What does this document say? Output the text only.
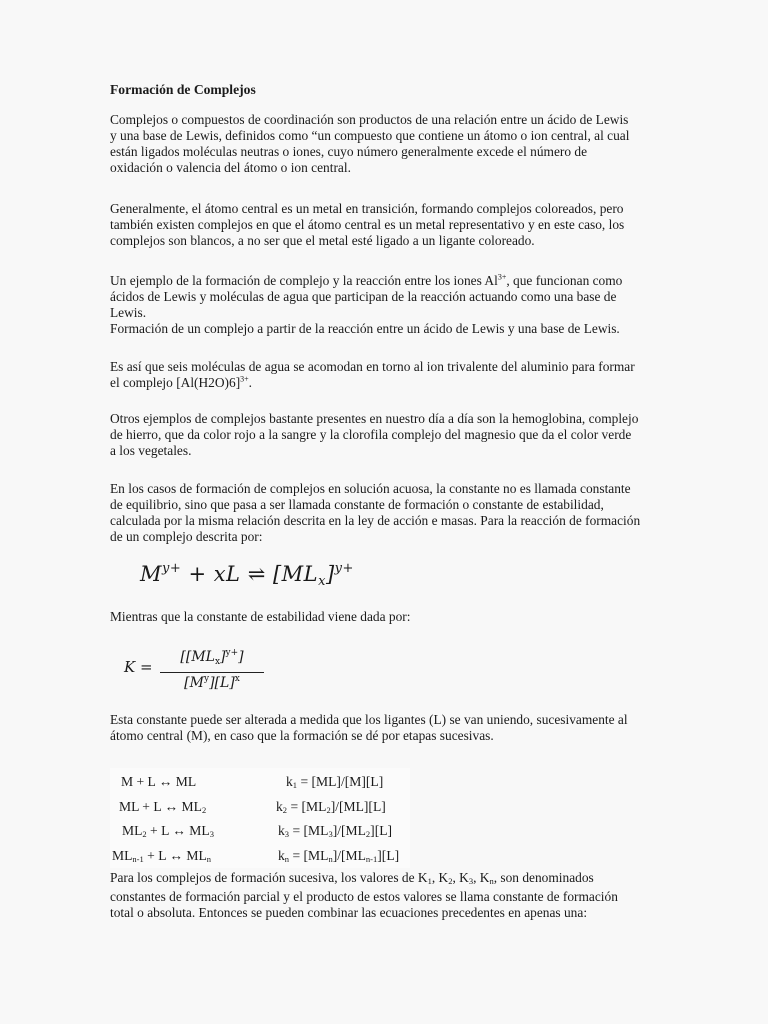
Formación de Complejos

Complejos o compuestos de coordinación son productos de una relación entre un ácido de Lewis
y una base de Lewis, definidos como “un compuesto que contiene un átomo o ion central, al cual
están ligados moléculas neutras o iones, cuyo número generalmente excede el número de
oxidación o valencia del átomo o ion central.

Generalmente, el átomo central es un metal en transición, formando complejos coloreados, pero
también existen complejos en que el átomo central es un metal representativo y en este caso, los
complejos son blancos, a no ser que el metal esté ligado a un ligante coloreado.

Un ejemplo de la formación de complejo y la reacción entre los iones $Al^{3+}$, que funcionan como
ácidos de Lewis y moléculas de agua que participan de la reacción actuando como una base de
Lewis.
Formación de un complejo a partir de la reacción entre un ácido de Lewis y una base de Lewis.

Es así que seis moléculas de agua se acomodan en torno al ion trivalente del aluminio para formar
el complejo $[Al(H2O)6]^{3+}$.

Otros ejemplos de complejos bastante presentes en nuestro día a día son la hemoglobina, complejo
de hierro, que da color rojo a la sangre y la clorofila complejo del magnesio que da el color verde
a los vegetales.

En los casos de formación de complejos en solución acuosa, la constante no es llamada constante
de equilibrio, sino que pasa a ser llamada constante de formación o constante de estabilidad,
calculada por la misma relación descrita en la ley de acción e masas. Para la reacción de formación
de un complejo descrita por:

$M^{y+}$ + xL ⇌ $[ML_x]^{y+}$
Mientras que la constante de estabilidad viene dada por:
K =
$[[ML_x]^{y+}]$
$[M^y][L]^x$
Esta constante puede ser alterada a medida que los ligantes (L) se van uniendo, sucesivamente al
átomo central (M), en caso que la formación se dé por etapas sucesivas.
M + L ↔ ML	$k_1 = [ML]/[M][L]$
ML + L ↔ $ML_2$	$k_2 = [ML_2]/[ML][L]$
$ML_2 + L$ ↔ $ML_3$	$k_3 = [ML_3]/[ML_2][L]$
$ML_{n-1} + L$ ↔ $ML_n$	$k_n = [ML_n]/[ML_{n-1}][L]$
Para los complejos de formación sucesiva, los valores de $K_1$, $K_2$, $K_3$, $K_n$, son denominados
constantes de formación parcial y el producto de estos valores se llama constante de formación
total o absoluta. Entonces se pueden combinar las ecuaciones precedentes en apenas una:
